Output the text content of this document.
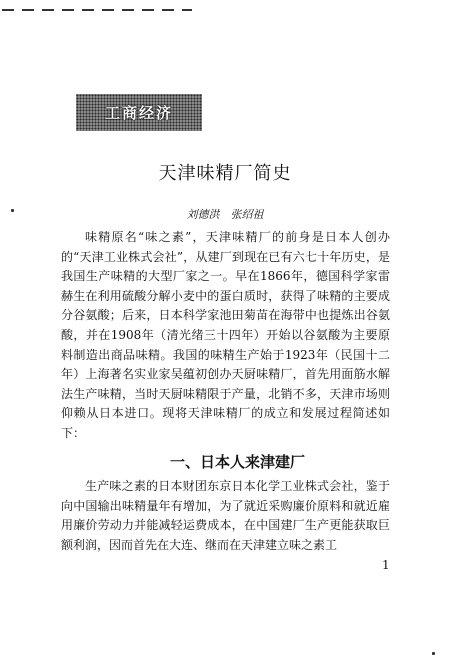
工商经济
天津味精厂简史
刘德洪　张绍祖

味精原名“味之素”，天津味精厂的前身是日本人创办的“天津工业株式会社”，从建厂到现在已有六七十年历史，是我国生产味精的大型厂家之一。早在1866年，德国科学家雷赫生在利用硫酸分解小麦中的蛋白质时，获得了味精的主要成分谷氨酸；后来，日本科学家池田菊苗在海带中也提炼出谷氨酸，并在1908年（清光绪三十四年）开始以谷氨酸为主要原料制造出商品味精。我国的味精生产始于1923年（民国十二年）上海著名实业家吴蕴初创办天厨味精厂，首先用面筋水解法生产味精，当时天厨味精限于产量，北销不多，天津市场则仰赖从日本进口。现将天津味精厂的成立和发展过程简述如下：

一、日本人来津建厂

生产味之素的日本财团东京日本化学工业株式会社，鉴于向中国输出味精量年有增加，为了就近采购廉价原料和就近雇用廉价劳动力并能减轻运费成本，在中国建厂生产更能获取巨额利润，因而首先在大连、继而在天津建立味之素工

1
